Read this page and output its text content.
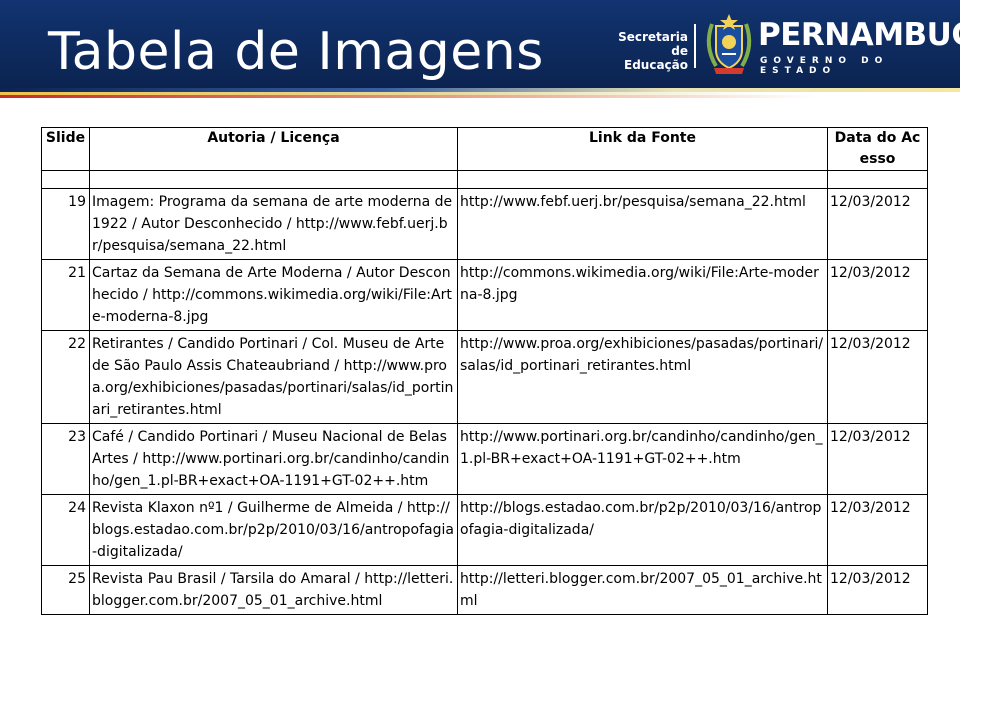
Tabela de Imagens	Secretaria de
Educação
PERNAMBUCO
GOVERNO DO ESTADO
Slide	Autoria / Licença	Link da Fonte	Data do Acesso

19	Imagem: Programa da semana de arte moderna de1922 / Autor Desconhecido / http://www.febf.uerj.br/pesquisa/semana_22.html	http://www.febf.uerj.br/pesquisa/semana_22.html	12/03/2012
21	Cartaz da Semana de Arte Moderna / Autor Desconhecido / http://commons.wikimedia.org/wiki/File:Arte-moderna-8.jpg	http://commons.wikimedia.org/wiki/File:Arte-moderna-8.jpg	12/03/2012
22	Retirantes / Candido Portinari / Col. Museu de Arte de São Paulo Assis Chateaubriand / http://www.proa.org/exhibiciones/pasadas/portinari/salas/id_portinari_retirantes.html	http://www.proa.org/exhibiciones/pasadas/portinari/salas/id_portinari_retirantes.html	12/03/2012
23	Café / Candido Portinari / Museu Nacional de Belas Artes / http://www.portinari.org.br/candinho/candinho/gen_1.pl-BR+exact+OA-1191+GT-02++.htm	http://www.portinari.org.br/candinho/candinho/gen_1.pl-BR+exact+OA-1191+GT-02++.htm	12/03/2012
24	Revista Klaxon nº1 / Guilherme de Almeida / http://blogs.estadao.com.br/p2p/2010/03/16/antropofagia-digitalizada/	http://blogs.estadao.com.br/p2p/2010/03/16/antropofagia-digitalizada/	12/03/2012
25	Revista Pau Brasil / Tarsila do Amaral / http://letteri.blogger.com.br/2007_05_01_archive.html	http://letteri.blogger.com.br/2007_05_01_archive.html	12/03/2012
